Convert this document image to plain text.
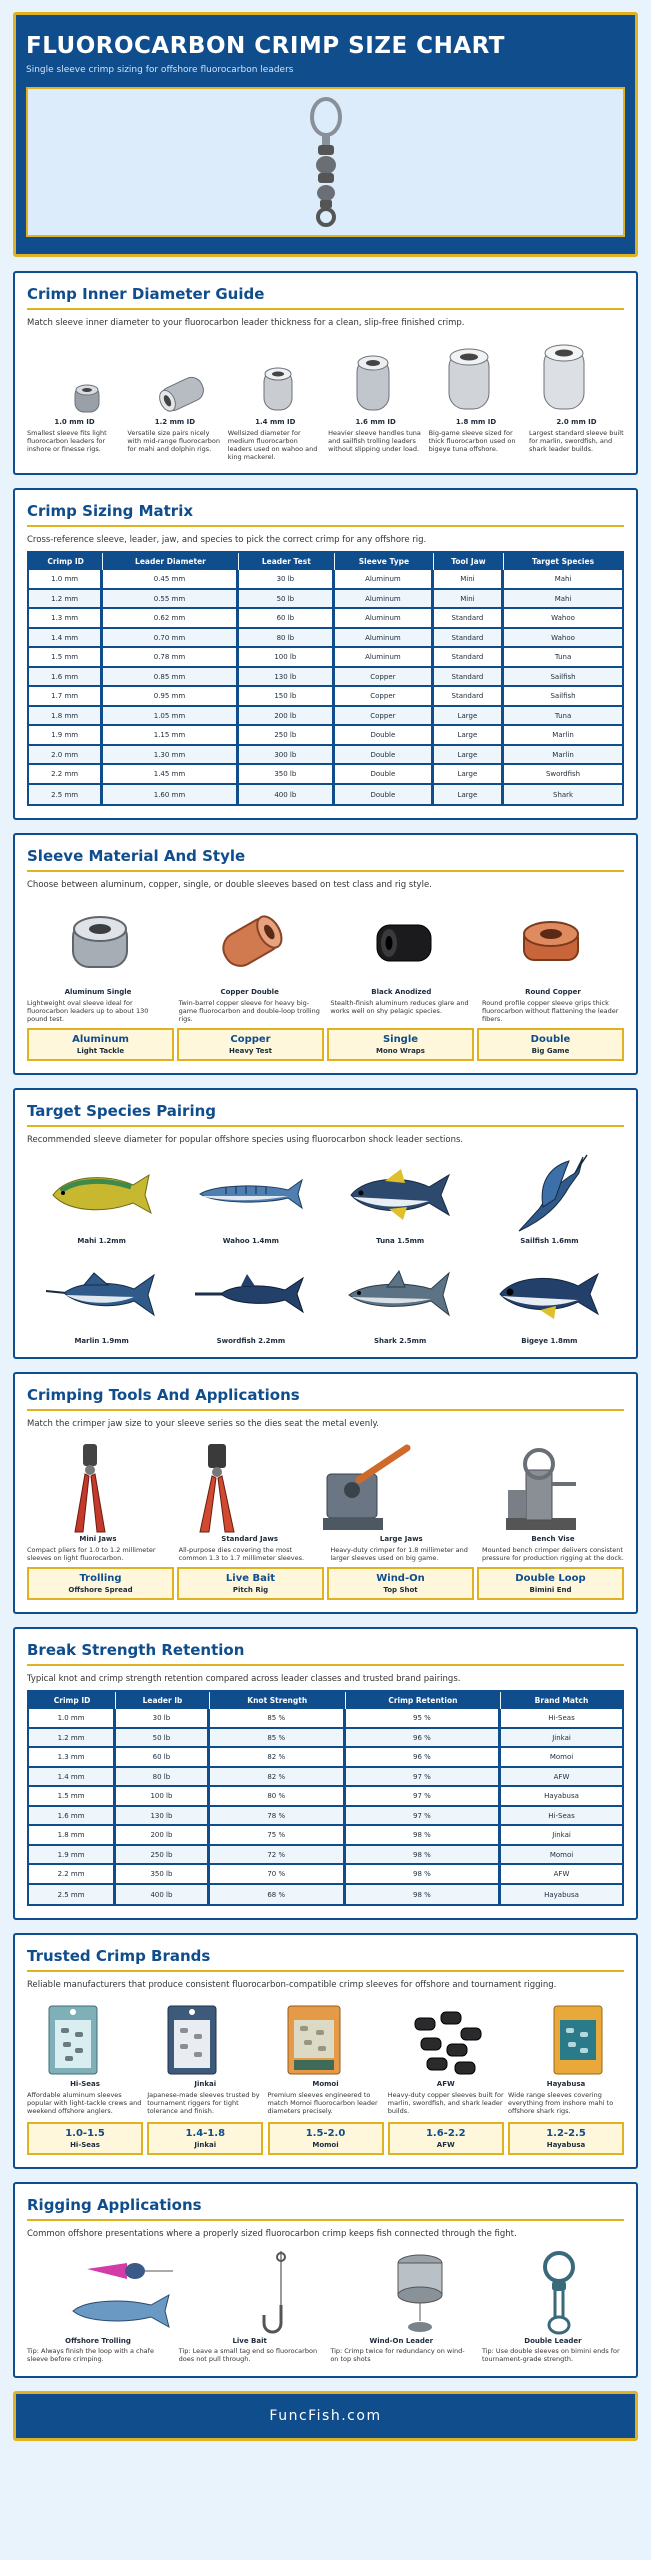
FLUOROCARBON CRIMP SIZE CHART
Single sleeve crimp sizing for offshore fluorocarbon leaders
Crimp Inner Diameter Guide
Match sleeve inner diameter to your fluorocarbon leader thickness for a clean, slip-free finished crimp.
1.0 mm ID
Smallest sleeve fits light fluorocarbon leaders for inshore or finesse rigs.
1.2 mm ID
Versatile size pairs nicely with mid-range fluorocarbon for mahi and dolphin rigs.
1.4 mm ID
Wellsized diameter for medium fluorocarbon leaders used on wahoo and king mackerel.
1.6 mm ID
Heavier sleeve handles tuna and sailfish trolling leaders without slipping under load.
1.8 mm ID
Big-game sleeve sized for thick fluorocarbon used on bigeye tuna offshore.
2.0 mm ID
Largest standard sleeve built for marlin, swordfish, and shark leader builds.
Crimp Sizing Matrix
Cross-reference sleeve, leader, jaw, and species to pick the correct crimp for any offshore rig.
Crimp ID	Leader Diameter	Leader Test	Sleeve Type	Tool Jaw	Target Species
1.0 mm	0.45 mm	30 lb	Aluminum	Mini	Mahi
1.2 mm	0.55 mm	50 lb	Aluminum	Mini	Mahi
1.3 mm	0.62 mm	60 lb	Aluminum	Standard	Wahoo
1.4 mm	0.70 mm	80 lb	Aluminum	Standard	Wahoo
1.5 mm	0.78 mm	100 lb	Aluminum	Standard	Tuna
1.6 mm	0.85 mm	130 lb	Copper	Standard	Sailfish
1.7 mm	0.95 mm	150 lb	Copper	Standard	Sailfish
1.8 mm	1.05 mm	200 lb	Copper	Large	Tuna
1.9 mm	1.15 mm	250 lb	Double	Large	Marlin
2.0 mm	1.30 mm	300 lb	Double	Large	Marlin
2.2 mm	1.45 mm	350 lb	Double	Large	Swordfish
2.5 mm	1.60 mm	400 lb	Double	Large	Shark
Sleeve Material And Style
Choose between aluminum, copper, single, or double sleeves based on test class and rig style.
Aluminum Single
Lightweight oval sleeve ideal for fluorocarbon leaders up to about 130 pound test.
Copper Double
Twin-barrel copper sleeve for heavy big-game fluorocarbon and double-loop trolling rigs.
Black Anodized
Stealth-finish aluminum reduces glare and works well on shy pelagic species.
Round Copper
Round profile copper sleeve grips thick fluorocarbon without flattening the leader fibers.
Aluminum
Light Tackle
Copper
Heavy Test
Single
Mono Wraps
Double
Big Game
Target Species Pairing
Recommended sleeve diameter for popular offshore species using fluorocarbon shock leader sections.
Mahi 1.2mm	Wahoo 1.4mm	Tuna 1.5mm	Sailfish 1.6mm
Marlin 1.9mm	Swordfish 2.2mm	Shark 2.5mm	Bigeye 1.8mm
Crimping Tools And Applications
Match the crimper jaw size to your sleeve series so the dies seat the metal evenly.
Mini Jaws
Compact pliers for 1.0 to 1.2 millimeter sleeves on light fluorocarbon.
Standard Jaws
All-purpose dies covering the most common 1.3 to 1.7 millimeter sleeves.
Large Jaws
Heavy-duty crimper for 1.8 millimeter and larger sleeves used on big game.
Bench Vise
Mounted bench crimper delivers consistent pressure for production rigging at the dock.
Trolling
Offshore Spread
Live Bait
Pitch Rig
Wind-On
Top Shot
Double Loop
Bimini End
Break Strength Retention
Typical knot and crimp strength retention compared across leader classes and trusted brand pairings.
Crimp ID	Leader lb	Knot Strength	Crimp Retention	Brand Match
1.0 mm	30 lb	85 %	95 %	Hi-Seas
1.2 mm	50 lb	85 %	96 %	Jinkai
1.3 mm	60 lb	82 %	96 %	Momoi
1.4 mm	80 lb	82 %	97 %	AFW
1.5 mm	100 lb	80 %	97 %	Hayabusa
1.6 mm	130 lb	78 %	97 %	Hi-Seas
1.8 mm	200 lb	75 %	98 %	Jinkai
1.9 mm	250 lb	72 %	98 %	Momoi
2.2 mm	350 lb	70 %	98 %	AFW
2.5 mm	400 lb	68 %	98 %	Hayabusa
Trusted Crimp Brands
Reliable manufacturers that produce consistent fluorocarbon-compatible crimp sleeves for offshore and tournament rigging.
Hi-Seas
Affordable aluminum sleeves popular with light-tackle crews and weekend offshore anglers.
Jinkai
Japanese-made sleeves trusted by tournament riggers for tight tolerance and finish.
Momoi
Premium sleeves engineered to match Momoi fluorocarbon leader diameters precisely.
AFW
Heavy-duty copper sleeves built for marlin, swordfish, and shark leader builds.
Hayabusa
Wide range sleeves covering everything from inshore mahi to offshore shark rigs.
1.0-1.5
Hi-Seas
1.4-1.8
Jinkai
1.5-2.0
Momoi
1.6-2.2
AFW
1.2-2.5
Hayabusa
Rigging Applications
Common offshore presentations where a properly sized fluorocarbon crimp keeps fish connected through the fight.
Offshore Trolling
Tip: Always finish the loop with a chafe sleeve before crimping.
Live Bait
Tip: Leave a small tag end so fluorocarbon does not pull through.
Wind-On Leader
Tip: Crimp twice for redundancy on wind-on top shots
Double Leader
Tip: Use double sleeves on bimini ends for tournament-grade strength.
FuncFish.com
